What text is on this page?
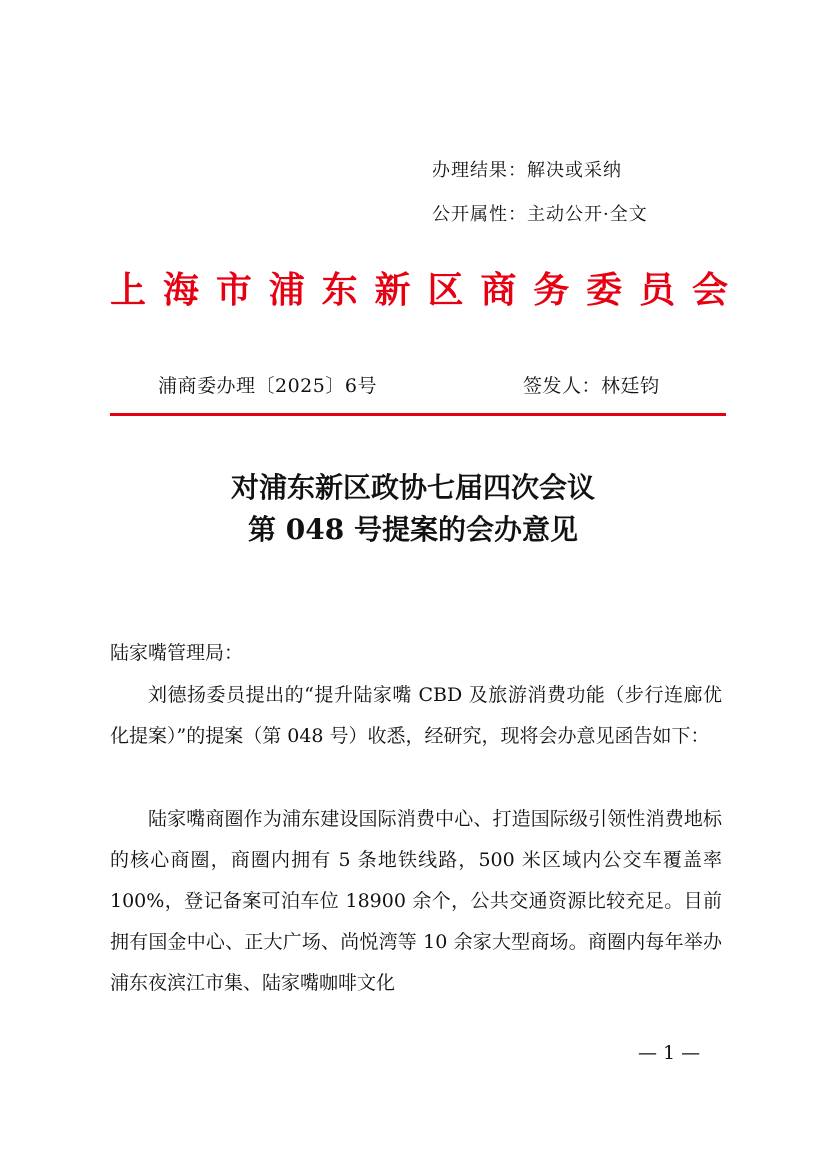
办理结果：解决或采纳
公开属性：主动公开·全文
上 海 市 浦 东 新 区 商 务 委 员 会
浦商委办理〔2025〕6号	签发人：林廷钧
对浦东新区政协七届四次会议
第 048 号提案的会办意见
陆家嘴管理局：
刘德扬委员提出的“提升陆家嘴 CBD 及旅游消费功能（步行连廊优化提案）”的提案（第 048 号）收悉，经研究，现将会办意见函告如下：
陆家嘴商圈作为浦东建设国际消费中心、打造国际级引领性消费地标的核心商圈，商圈内拥有 5 条地铁线路，500 米区域内公交车覆盖率 100%，登记备案可泊车位 18900 余个，公共交通资源比较充足。目前拥有国金中心、正大广场、尚悦湾等 10 余家大型商场。商圈内每年举办浦东夜滨江市集、陆家嘴咖啡文化
— 1 —
